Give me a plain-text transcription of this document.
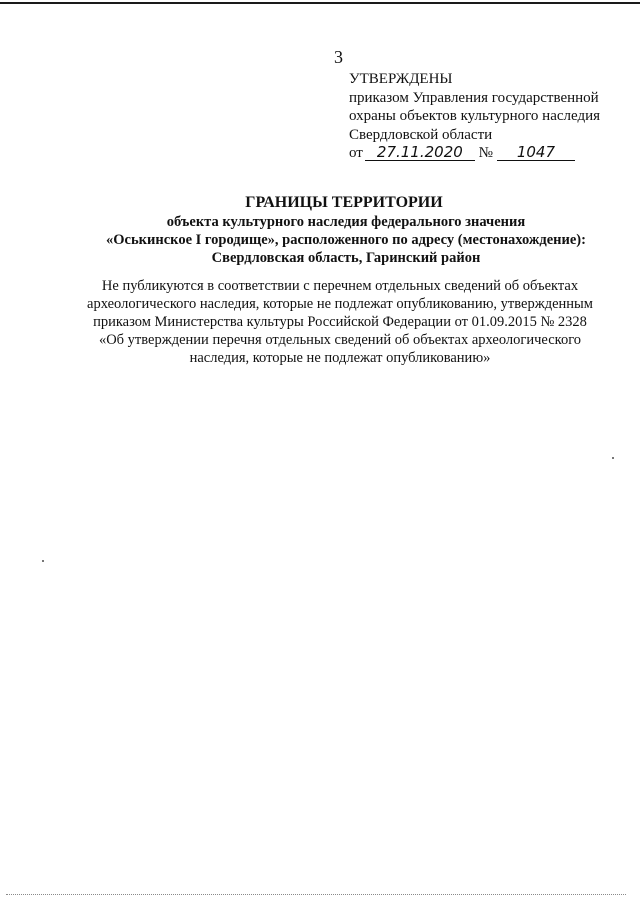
3
УТВЕРЖДЕНЫ
приказом Управления государственной
охраны объектов культурного наследия
Свердловской области
от 27.11.2020 № 1047
ГРАНИЦЫ ТЕРРИТОРИИ
объекта культурного наследия федерального значения
«Оськинское I городище», расположенного по адресу (местонахождение):
Свердловская область, Гаринский район
Не публикуются в соответствии с перечнем отдельных сведений об объектах
археологического наследия, которые не подлежат опубликованию, утвержденным
приказом Министерства культуры Российской Федерации от 01.09.2015 № 2328
«Об утверждении перечня отдельных сведений об объектах археологического
наследия, которые не подлежат опубликованию»
